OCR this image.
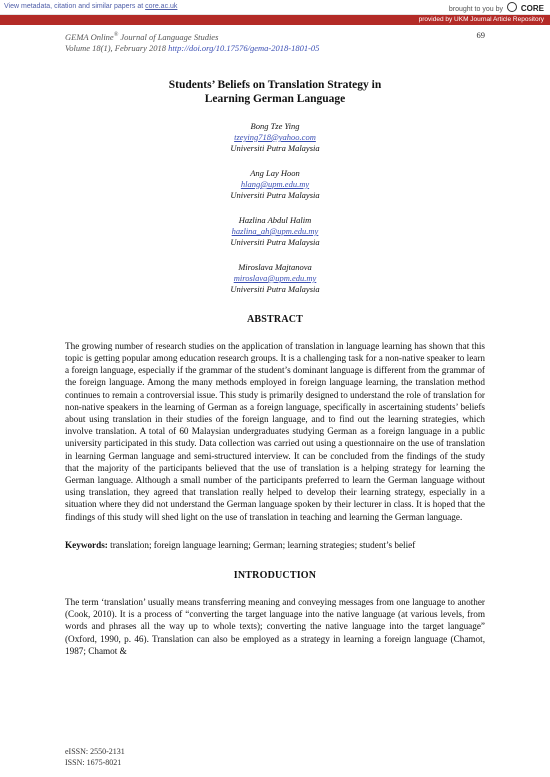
View metadata, citation and similar papers at core.ac.uk	brought to you by CORE
provided by UKM Journal Article Repository
GEMA Online® Journal of Language Studies
Volume 18(1), February 2018 http://doi.org/10.17576/gema-2018-1801-05
69
Students’ Beliefs on Translation Strategy in
Learning German Language
Bong Tze Ying
tzeying718@yahoo.com
Universiti Putra Malaysia
Ang Lay Hoon
hlang@upm.edu.my
Universiti Putra Malaysia
Hazlina Abdul Halim
hazlina_ah@upm.edu.my
Universiti Putra Malaysia
Miroslava Majtanova
miroslava@upm.edu.my
Universiti Putra Malaysia
ABSTRACT
The growing number of research studies on the application of translation in language learning has shown that this topic is getting popular among education research groups. It is a challenging task for a non-native speaker to learn a foreign language, especially if the grammar of the student’s dominant language is different from the grammar of the foreign language. Among the many methods employed in foreign language learning, the translation method continues to remain a controversial issue. This study is primarily designed to understand the role of translation for non-native speakers in the learning of German as a foreign language, specifically in ascertaining students’ beliefs about using translation in their studies of the foreign language, and to find out the learning strategies, which involve translation. A total of 60 Malaysian undergraduates studying German as a foreign language in a public university participated in this study. Data collection was carried out using a questionnaire on the use of translation in learning German language and semi-structured interview. It can be concluded from the findings of the study that the majority of the participants believed that the use of translation is a helping strategy for learning the German language. Although a small number of the participants preferred to learn the German language without using translation, they agreed that translation really helped to develop their learning strategy, especially in a situation where they did not understand the German language spoken by their lecturer in class. It is hoped that the findings of this study will shed light on the use of translation in teaching and learning the German language.
Keywords: translation; foreign language learning; German; learning strategies; student’s belief
INTRODUCTION
The term ‘translation’ usually means transferring meaning and conveying messages from one language to another (Cook, 2010). It is a process of “converting the target language into the native language (at various levels, from words and phrases all the way up to whole texts); converting the native language into the target language” (Oxford, 1990, p. 46). Translation can also be employed as a strategy in learning a foreign language (Chamot, 1987; Chamot &
eISSN: 2550-2131
ISSN: 1675-8021
